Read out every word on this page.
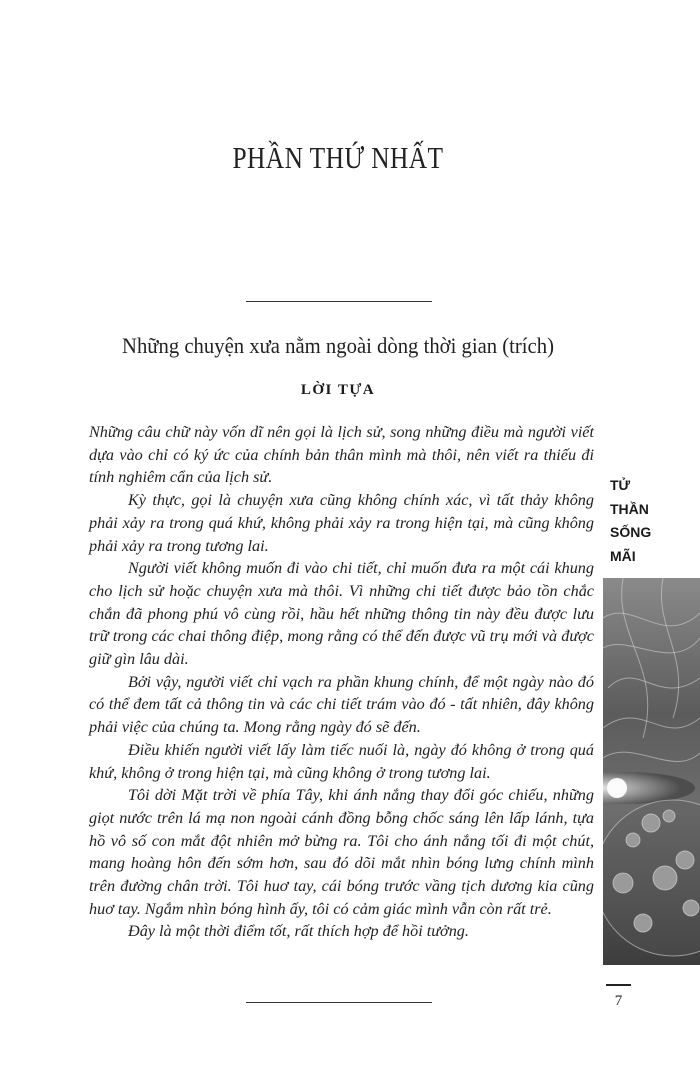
PHẦN THỨ NHẤT
Những chuyện xưa nằm ngoài dòng thời gian (trích)
LỜI TỰA

Những câu chữ này vốn dĩ nên gọi là lịch sử, song những điều mà người viết dựa vào chỉ có ký ức của chính bản thân mình mà thôi, nên viết ra thiếu đi tính nghiêm cẩn của lịch sử.

Kỳ thực, gọi là chuyện xưa cũng không chính xác, vì tất thảy không phải xảy ra trong quá khứ, không phải xảy ra trong hiện tại, mà cũng không phải xảy ra trong tương lai.

Người viết không muốn đi vào chi tiết, chỉ muốn đưa ra một cái khung cho lịch sử hoặc chuyện xưa mà thôi. Vì những chi tiết được bảo tồn chắc chắn đã phong phú vô cùng rồi, hầu hết những thông tin này đều được lưu trữ trong các chai thông điệp, mong rằng có thể đến được vũ trụ mới và được giữ gìn lâu dài.

Bởi vậy, người viết chỉ vạch ra phần khung chính, để một ngày nào đó có thể đem tất cả thông tin và các chi tiết trám vào đó - tất nhiên, đây không phải việc của chúng ta. Mong rằng ngày đó sẽ đến.

Điều khiến người viết lấy làm tiếc nuối là, ngày đó không ở trong quá khứ, không ở trong hiện tại, mà cũng không ở trong tương lai.

Tôi dời Mặt trời về phía Tây, khi ánh nắng thay đổi góc chiếu, những giọt nước trên lá mạ non ngoài cánh đồng bỗng chốc sáng lên lấp lánh, tựa hồ vô số con mắt đột nhiên mở bừng ra. Tôi cho ánh nắng tối đi một chút, mang hoàng hôn đến sớm hơn, sau đó dõi mắt nhìn bóng lưng chính mình trên đường chân trời. Tôi huơ tay, cái bóng trước vầng tịch dương kia cũng huơ tay. Ngắm nhìn bóng hình ấy, tôi có cảm giác mình vẫn còn rất trẻ.

Đây là một thời điểm tốt, rất thích hợp để hồi tưởng.

TỬ
THẦN
SỐNG
MÃI
7
